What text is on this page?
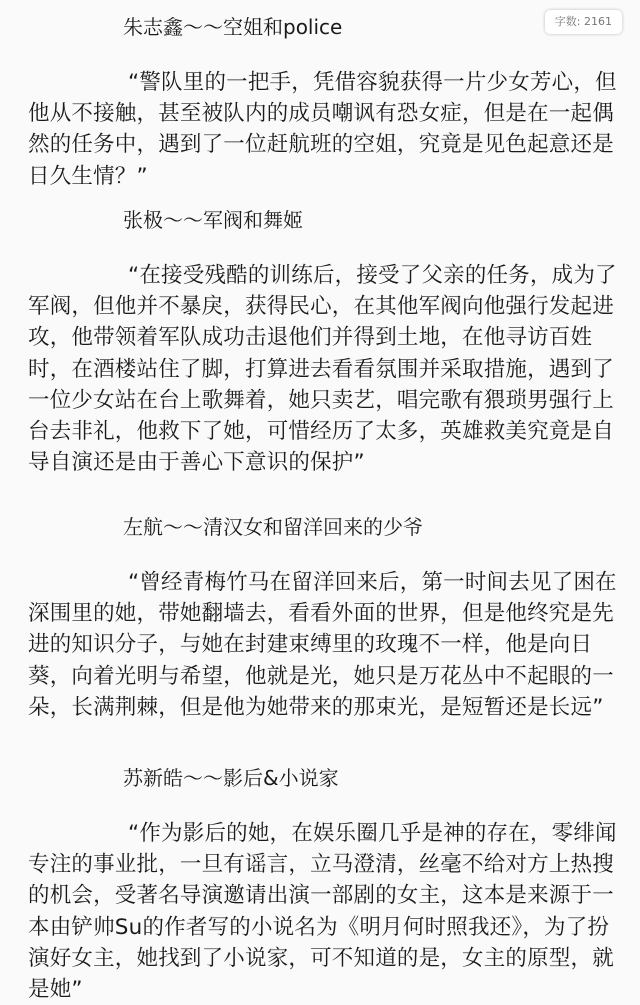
字数: 2161
朱志鑫～～空姐和police
“警队里的一把手，凭借容貌获得一片少女芳心，但他从不接触，甚至被队内的成员嘲讽有恐女症，但是在一起偶然的任务中，遇到了一位赶航班的空姐，究竟是见色起意还是日久生情？”
张极～～军阀和舞姬
“在接受残酷的训练后，接受了父亲的任务，成为了军阀，但他并不暴戾，获得民心，在其他军阀向他强行发起进攻，他带领着军队成功击退他们并得到土地，在他寻访百姓时，在酒楼站住了脚，打算进去看看氛围并采取措施，遇到了一位少女站在台上歌舞着，她只卖艺，唱完歌有猥琐男强行上台去非礼，他救下了她，可惜经历了太多，英雄救美究竟是自导自演还是由于善心下意识的保护”
左航～～清汉女和留洋回来的少爷
“曾经青梅竹马在留洋回来后，第一时间去见了困在深围里的她，带她翻墙去，看看外面的世界，但是他终究是先进的知识分子，与她在封建束缚里的玫瑰不一样，他是向日葵，向着光明与希望，他就是光，她只是万花丛中不起眼的一朵，长满荆棘，但是他为她带来的那束光，是短暂还是长远”
苏新皓～～影后&小说家
“作为影后的她，在娱乐圈几乎是神的存在，零绯闻专注的事业批，一旦有谣言，立马澄清，丝毫不给对方上热搜的机会，受著名导演邀请出演一部剧的女主，这本是来源于一本由铲帅Su的作者写的小说名为《明月何时照我还》，为了扮演好女主，她找到了小说家，可不知道的是，女主的原型，就是她”
